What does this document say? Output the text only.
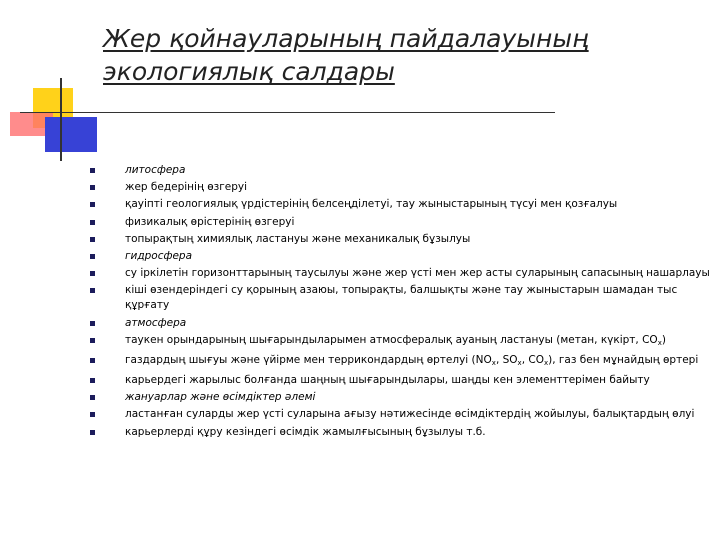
Жер қойнауларының пайдалауының
экологиялық салдары
литосфера
жер бедерінің өзгеруі
қауіпті геологиялық үрдістерінің белсеңділетуі, тау жыныстарының түсуі мен қозғалуы
физикалық өрістерінің өзгеруі
топырақтың химиялық ластануы және механикалық бұзылуы
гидросфера
су іркілетін горизонттарының таусылуы және жер үсті мен жер асты суларының сапасының нашарлауы
кіші өзендеріндегі су қорының азаюы, топырақты, балшықты және тау жыныстарын шамадан тыс құрғату
атмосфера
таукен орындарының шығарындыларымен атмосфералық ауаның ластануы (метан, күкірт, $CO_x$)
газдардың шығуы және үйірме мен террикондардың өртелуі ($NO_x$, $SO_x$, $CO_x$), газ бен мұнайдың өртері
карьердегі жарылыс болғанда шаңның шығарындылары, шаңды кен элементтерімен байыту
жануарлар және өсімдіктер әлемі
ластанған суларды жер үсті суларына ағызу нәтижесінде өсімдіктердің жойылуы, балықтардың өлуі
карьерлерді құру кезіндегі өсімдік жамылғысының бұзылуы т.б.
